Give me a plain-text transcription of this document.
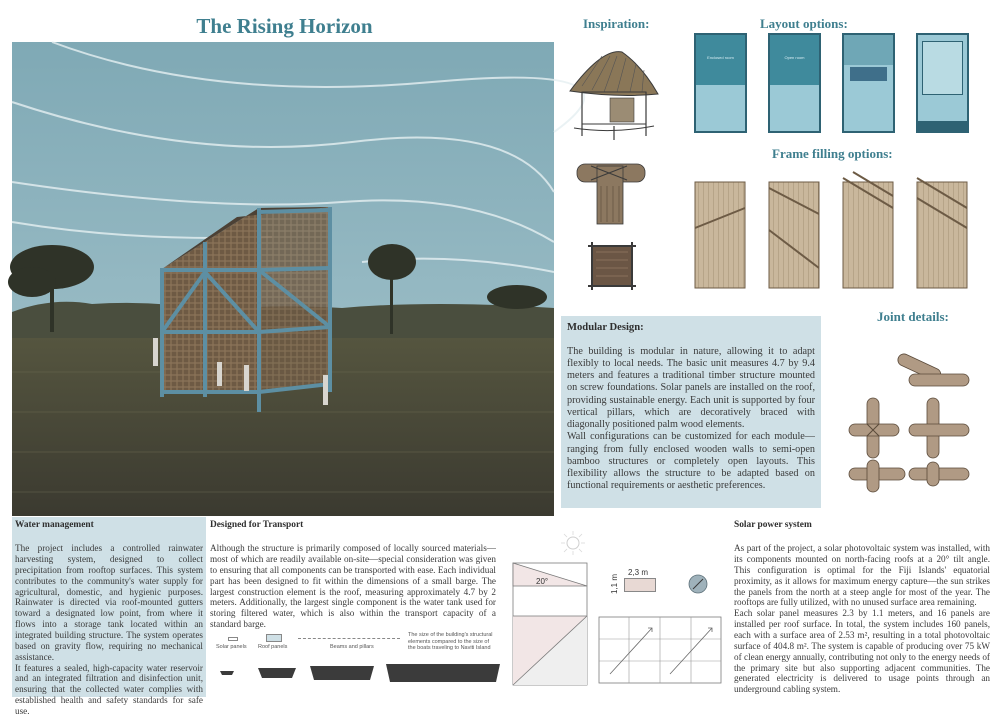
The Rising Horizon	Inspiration:	Layout options:
Enclosed room	Open room
Frame filling options:
Joint details:
Modular Design:

The building is modular in nature, allowing it to adapt flexibly to local needs. The basic unit measures 4.7 by 9.4 meters and features a traditional timber structure mounted on screw foundations. Solar panels are installed on the roof, providing sustainable energy. Each unit is supported by four vertical pillars, which are decoratively braced with diagonally positioned palm wood elements.

Wall configurations can be customized for each module—ranging from fully enclosed wooden walls to semi-open bamboo structures or completely open layouts. This flexibility allows the structure to be adapted based on functional requirements or aesthetic preferences.

Water management

The project includes a controlled rainwater harvesting system, designed to collect precipitation from rooftop surfaces. This system contributes to the community's water supply for agricultural, domestic, and hygienic purposes. Rainwater is directed via roof-mounted gutters toward a designated low point, from where it flows into a storage tank located within an integrated building structure. The system operates based on gravity flow, requiring no mechanical assistance.

It features a sealed, high-capacity water reservoir and an integrated filtration and disinfection unit, ensuring that the collected water complies with established health and safety standards for safe use.

Designed for Transport

Although the structure is primarily composed of locally sourced materials—most of which are readily available on-site—special consideration was given to ensuring that all components can be transported with ease. Each individual part has been designed to fit within the dimensions of a small barge. The largest construction element is the roof, measuring approximately 4.7 by 2 meters. Additionally, the largest single component is the water tank used for storing filtered water, which is also within the transport capacity of a standard barge.

Solar panels Roof panels	Beams and pillars
The size of the building's structural elements compared to the size of the boats traveling to Naviti Island
20°
2,3 m
1,1 m
Solar power system

As part of the project, a solar photovoltaic system was installed, with its components mounted on north-facing roofs at a 20° tilt angle. This configuration is optimal for the Fiji Islands' equatorial proximity, as it allows for maximum energy capture—the sun strikes the panels from the north at a steep angle for most of the year. The rooftops are fully utilized, with no unused surface area remaining.

Each solar panel measures 2.3 by 1.1 meters, and 16 panels are installed per roof surface. In total, the system includes 160 panels, each with a surface area of 2.53 m², resulting in a total photovoltaic surface of 404.8 m². The system is capable of producing over 75 kW of clean energy annually, contributing not only to the energy needs of the primary site but also supporting adjacent communities. The generated electricity is delivered to usage points through an underground cabling system.
